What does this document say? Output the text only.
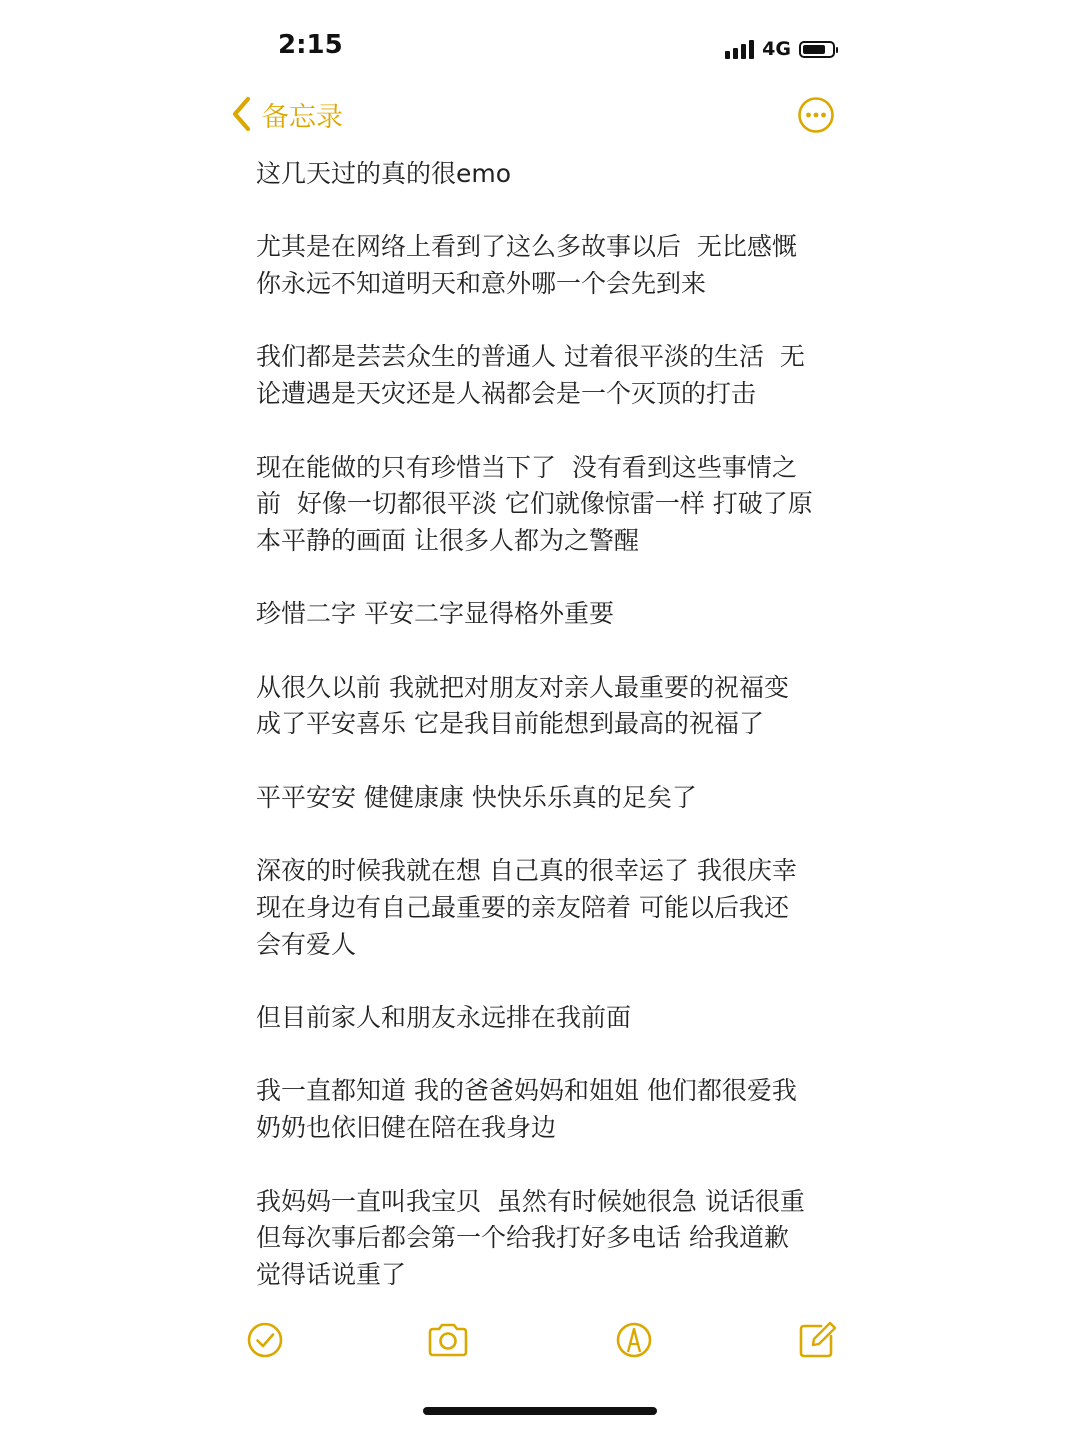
2:15	4G
备忘录

这几天过的真的很emo

尤其是在网络上看到了这么多故事以后  无比感慨
你永远不知道明天和意外哪一个会先到来

我们都是芸芸众生的普通人 过着很平淡的生活  无
论遭遇是天灾还是人祸都会是一个灭顶的打击

现在能做的只有珍惜当下了  没有看到这些事情之
前  好像一切都很平淡 它们就像惊雷一样 打破了原
本平静的画面 让很多人都为之警醒

珍惜二字 平安二字显得格外重要

从很久以前 我就把对朋友对亲人最重要的祝福变
成了平安喜乐 它是我目前能想到最高的祝福了

平平安安 健健康康 快快乐乐真的足矣了

深夜的时候我就在想 自己真的很幸运了 我很庆幸
现在身边有自己最重要的亲友陪着 可能以后我还
会有爱人

但目前家人和朋友永远排在我前面

我一直都知道 我的爸爸妈妈和姐姐 他们都很爱我
奶奶也依旧健在陪在我身边

我妈妈一直叫我宝贝  虽然有时候她很急 说话很重
但每次事后都会第一个给我打好多电话 给我道歉
觉得话说重了
